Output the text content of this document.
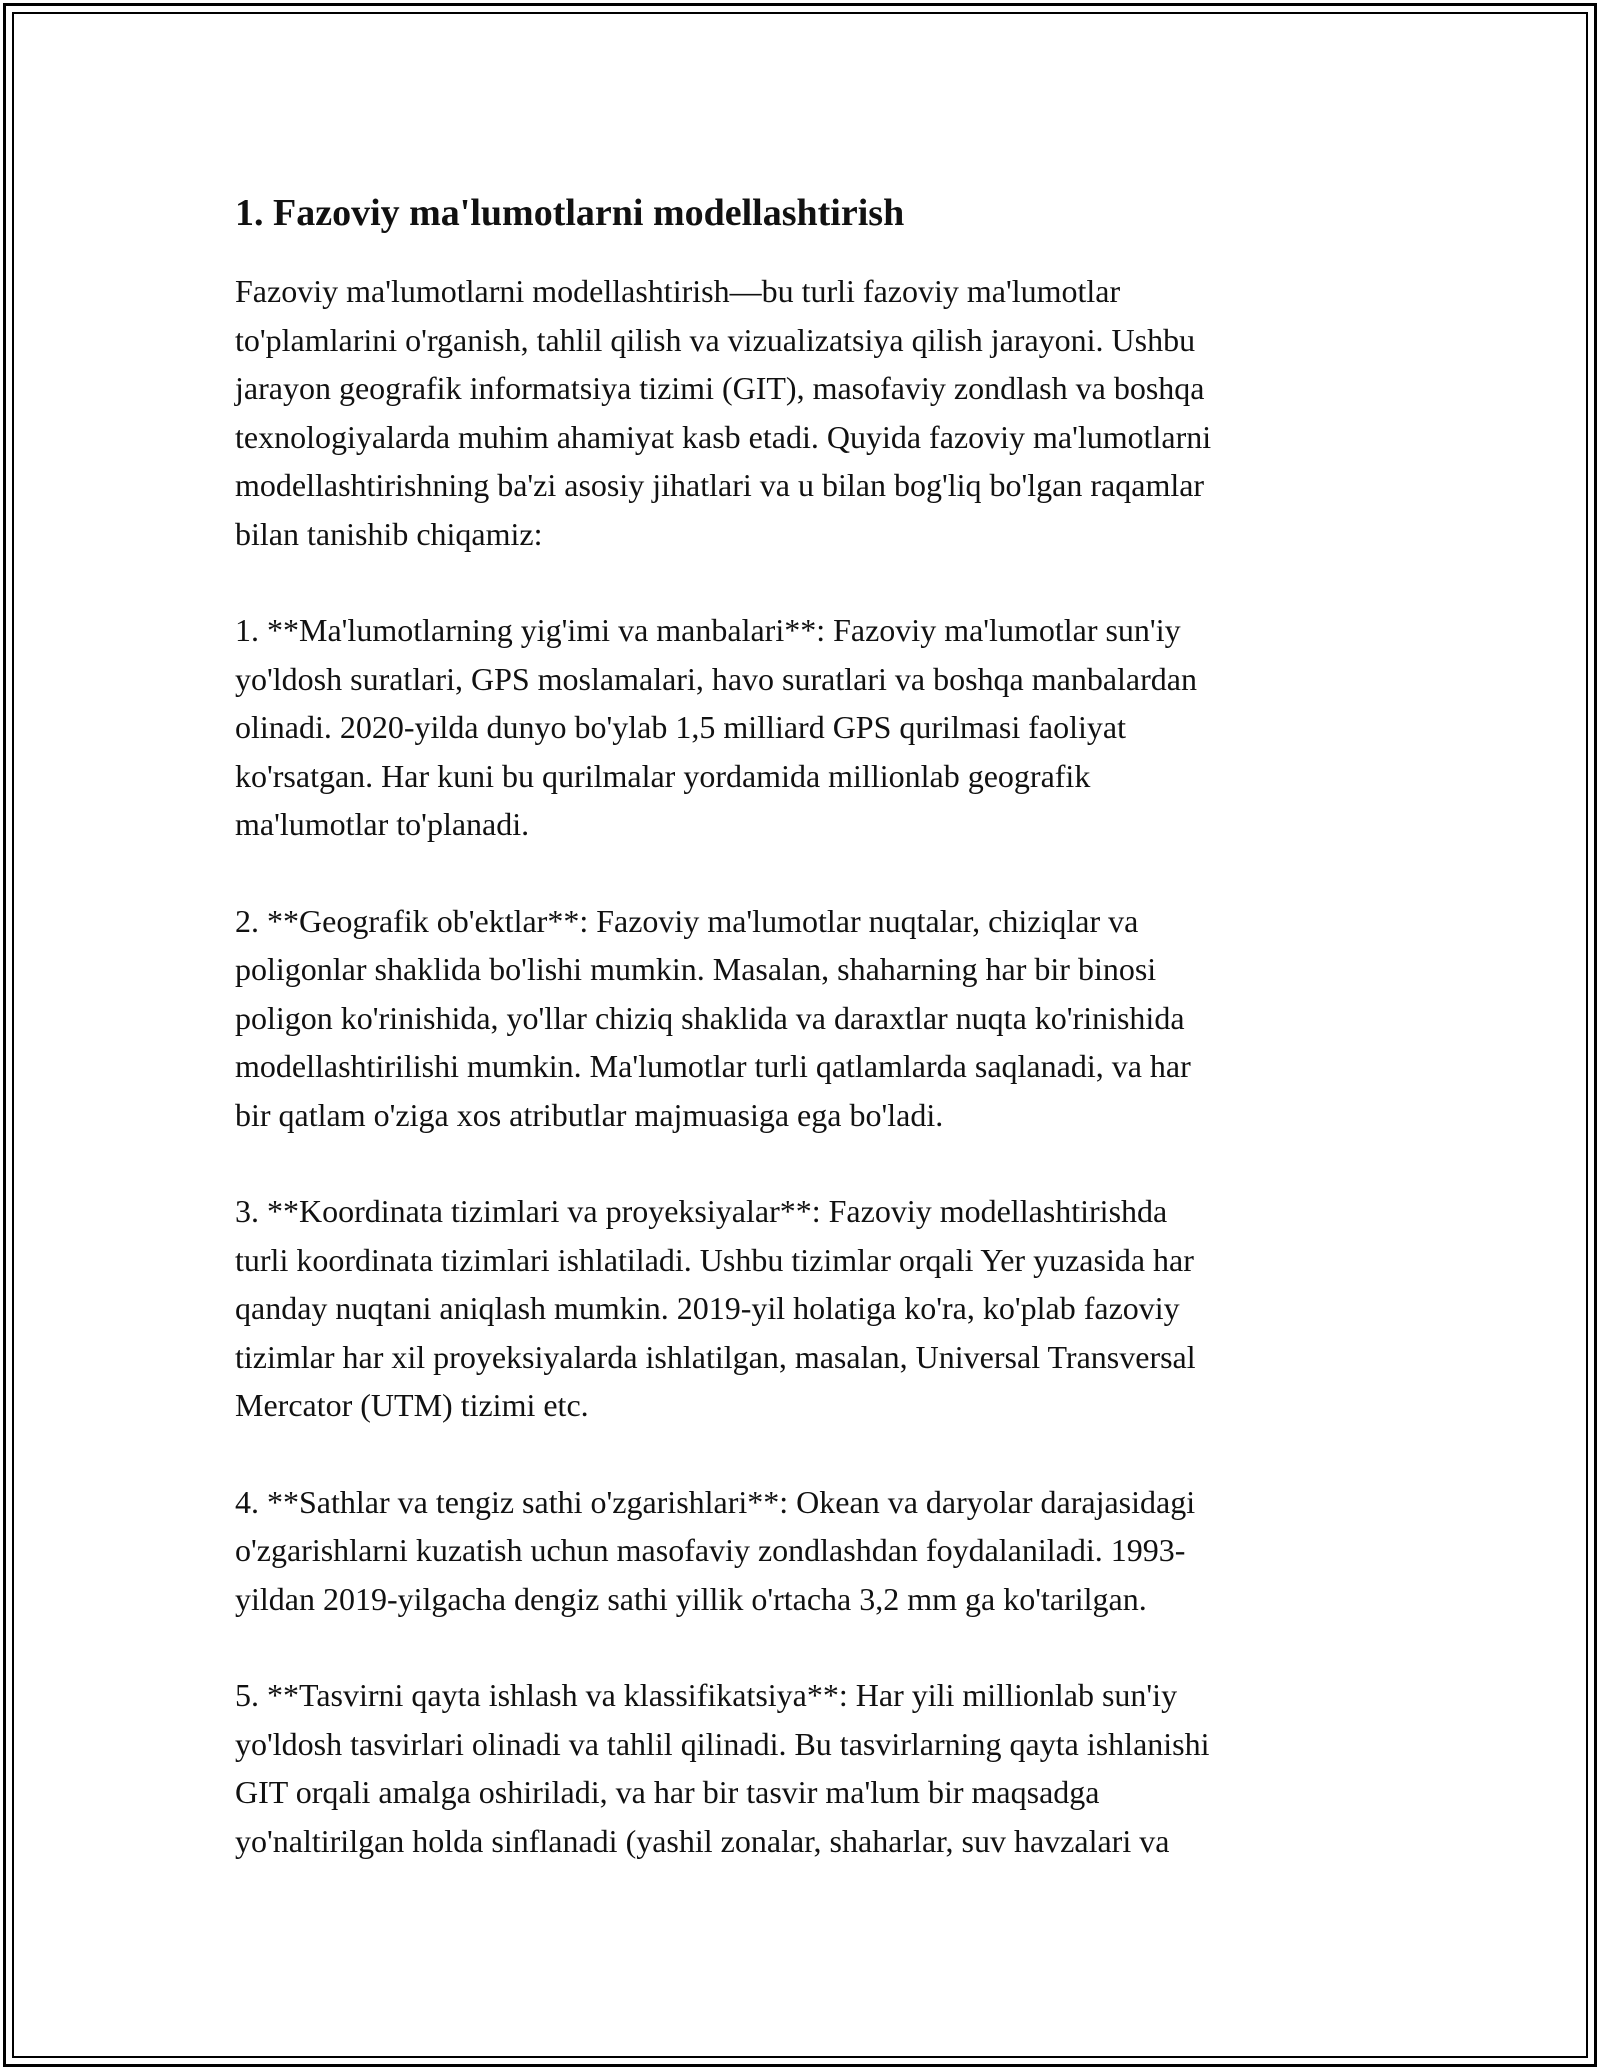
1. Fazoviy ma'lumotlarni modellashtirish

Fazoviy ma'lumotlarni modellashtirish—bu turli fazoviy ma'lumotlar
to'plamlarini o'rganish, tahlil qilish va vizualizatsiya qilish jarayoni. Ushbu
jarayon geografik informatsiya tizimi (GIT), masofaviy zondlash va boshqa
texnologiyalarda muhim ahamiyat kasb etadi. Quyida fazoviy ma'lumotlarni
modellashtirishning ba'zi asosiy jihatlari va u bilan bog'liq bo'lgan raqamlar
bilan tanishib chiqamiz:

1. **Ma'lumotlarning yig'imi va manbalari**: Fazoviy ma'lumotlar sun'iy
yo'ldosh suratlari, GPS moslamalari, havo suratlari va boshqa manbalardan
olinadi. 2020-yilda dunyo bo'ylab 1,5 milliard GPS qurilmasi faoliyat
ko'rsatgan. Har kuni bu qurilmalar yordamida millionlab geografik
ma'lumotlar to'planadi.

2. **Geografik ob'ektlar**: Fazoviy ma'lumotlar nuqtalar, chiziqlar va
poligonlar shaklida bo'lishi mumkin. Masalan, shaharning har bir binosi
poligon ko'rinishida, yo'llar chiziq shaklida va daraxtlar nuqta ko'rinishida
modellashtirilishi mumkin. Ma'lumotlar turli qatlamlarda saqlanadi, va har
bir qatlam o'ziga xos atributlar majmuasiga ega bo'ladi.

3. **Koordinata tizimlari va proyeksiyalar**: Fazoviy modellashtirishda
turli koordinata tizimlari ishlatiladi. Ushbu tizimlar orqali Yer yuzasida har
qanday nuqtani aniqlash mumkin. 2019-yil holatiga ko'ra, ko'plab fazoviy
tizimlar har xil proyeksiyalarda ishlatilgan, masalan, Universal Transversal
Mercator (UTM) tizimi etc.

4. **Sathlar va tengiz sathi o'zgarishlari**: Okean va daryolar darajasidagi
o'zgarishlarni kuzatish uchun masofaviy zondlashdan foydalaniladi. 1993-
yildan 2019-yilgacha dengiz sathi yillik o'rtacha 3,2 mm ga ko'tarilgan.

5. **Tasvirni qayta ishlash va klassifikatsiya**: Har yili millionlab sun'iy
yo'ldosh tasvirlari olinadi va tahlil qilinadi. Bu tasvirlarning qayta ishlanishi
GIT orqali amalga oshiriladi, va har bir tasvir ma'lum bir maqsadga
yo'naltirilgan holda sinflanadi (yashil zonalar, shaharlar, suv havzalari va
